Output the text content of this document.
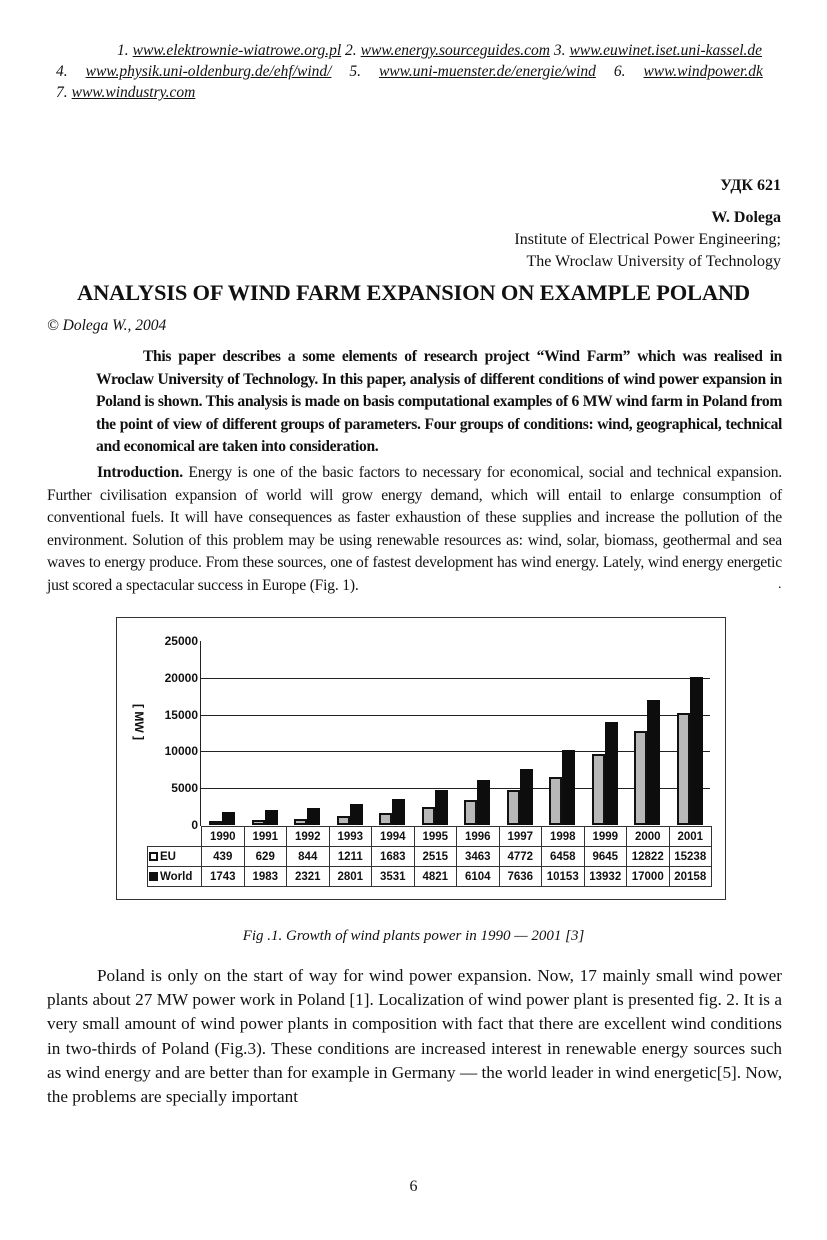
1. www.elektrownie-wiatrowe.org.pl 2. www.energy.sourceguides.com 3. www.euwinet.iset.uni-kassel.de
4. www.physik.uni-oldenburg.de/ehf/wind/ 5. www.uni-muenster.de/energie/wind 6. www.windpower.dk
7. www.windustry.com
УДК 621
W. Dolega
Institute of Electrical Power Engineering;
The Wroclaw University of Technology
ANALYSIS OF WIND FARM EXPANSION ON EXAMPLE POLAND
© Dolega W., 2004
This paper describes a some elements of research project “Wind Farm” which was realised in Wroclaw University of Technology. In this paper, analysis of different conditions of wind power expansion in Poland is shown. This analysis is made on basis computational examples of 6 MW wind farm in Poland from the point of view of different groups of parameters. Four groups of conditions: wind, geographical, technical and economical are taken into consideration.
Introduction. Energy is one of the basic factors to necessary for economical, social and technical expansion. Further civilisation expansion of world will grow energy demand, which will entail to enlarge consumption of conventional fuels. It will have consequences as faster exhaustion of these supplies and increase the pollution of the environment. Solution of this problem may be using renewable resources as: wind, solar, biomass, geothermal and sea waves to energy produce. From these sources, one of fastest development has wind energy. Lately, wind energy energetic just scored a spectacular success in Europe (Fig. 1).	.
[ MW ]
0
5000
10000
15000
20000
25000
	1990	1991	1992	1993	1994	1995	1996	1997	1998	1999	2000	2001
EU	439	629	844	1211	1683	2515	3463	4772	6458	9645	12822	15238
World	1743	1983	2321	2801	3531	4821	6104	7636	10153	13932	17000	20158
Fig .1. Growth of wind plants power in 1990 — 2001 [3]
Poland is only on the start of way for wind power expansion. Now, 17 mainly small wind power plants about 27 MW power work in Poland [1]. Localization of wind power plant is presented fig. 2. It is a very small amount of wind power plants in composition with fact that there are excellent wind conditions in two-thirds of Poland (Fig.3). These conditions are increased interest in renewable energy sources such as wind energy and are better than for example in Germany — the world leader in wind energetic[5]. Now, the problems are specially important
6
